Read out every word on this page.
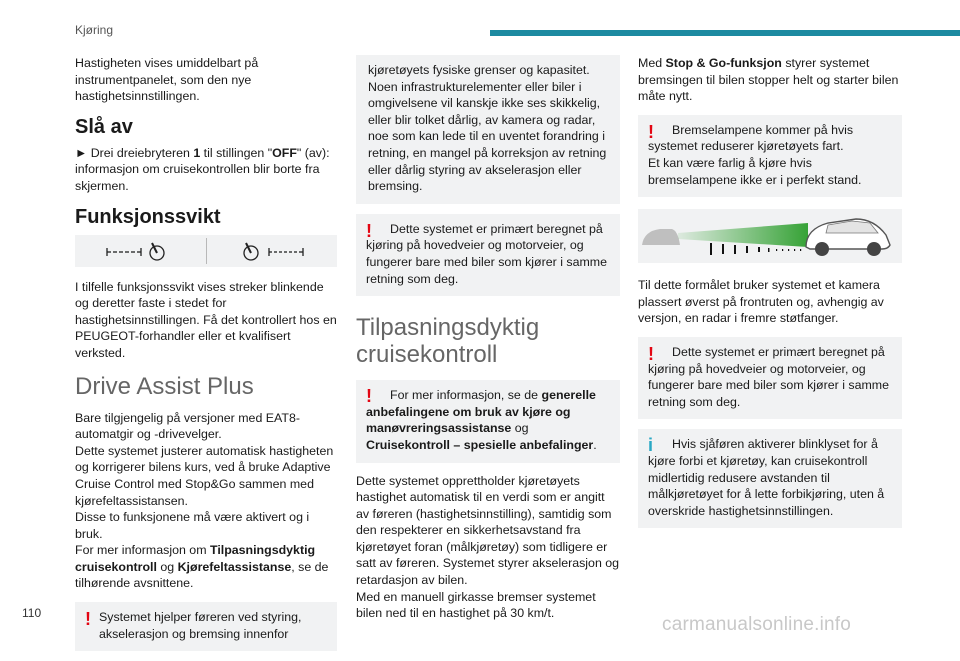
Kjøring

Hastigheten vises umiddelbart på instrumentpanelet, som den nye hastighetsinnstillingen.

Slå av

► Drei dreiebryteren 1 til stillingen "OFF" (av): informasjon om cruisekontrollen blir borte fra skjermen.

Funksjonssvikt

I tilfelle funksjonssvikt vises streker blinkende og deretter faste i stedet for hastighetsinnstillingen. Få det kontrollert hos en PEUGEOT-forhandler eller et kvalifisert verksted.

Drive Assist Plus

Bare tilgjengelig på versjoner med EAT8-automatgir og -drivevelger.

Dette systemet justerer automatisk hastigheten og korrigerer bilens kurs, ved å bruke Adaptive Cruise Control med Stop&Go sammen med kjørefeltassistansen.

Disse to funksjonene må være aktivert og i bruk.

For mer informasjon om Tilpasningsdyktig cruisekontroll og Kjørefeltassistanse, se de tilhørende avsnittene.

! Systemet hjelper føreren ved styring, akselerasjon og bremsing innenfor

kjøretøyets fysiske grenser og kapasitet. Noen infrastrukturelementer eller biler i omgivelsene vil kanskje ikke ses skikkelig, eller blir tolket dårlig, av kamera og radar, noe som kan lede til en uventet forandring i retning, en mangel på korreksjon av retning eller dårlig styring av akselerasjon eller bremsing.

!	Dette systemet er primært beregnet på kjøring på hovedveier og motorveier, og fungerer bare med biler som kjører i samme retning som deg.

Tilpasningsdyktig cruisekontroll
!	For mer informasjon, se de generelle anbefalingene om bruk av kjøre og manøvreringsassistanse og Cruisekontroll – spesielle anbefalinger.

Dette systemet opprettholder kjøretøyets hastighet automatisk til en verdi som er angitt av føreren (hastighetsinnstilling), samtidig som den respekterer en sikkerhetsavstand fra kjøretøyet foran (målkjøretøy) som tidligere er satt av føreren. Systemet styrer akselerasjon og retardasjon av bilen.

Med en manuell girkasse bremser systemet bilen ned til en hastighet på 30 km/t.

Med Stop & Go-funksjon styrer systemet bremsingen til bilen stopper helt og starter bilen måte nytt.

!	Bremselampene kommer på hvis systemet reduserer kjøretøyets fart.

Et kan være farlig å kjøre hvis bremselampene ikke er i perfekt stand.

Til dette formålet bruker systemet et kamera plassert øverst på frontruten og, avhengig av versjon, en radar i fremre støtfanger.

!	Dette systemet er primært beregnet på kjøring på hovedveier og motorveier, og fungerer bare med biler som kjører i samme retning som deg.

i	Hvis sjåføren aktiverer blinklyset for å kjøre forbi et kjøretøy, kan cruisekontroll midlertidig redusere avstanden til målkjøretøyet for å lette forbikjøring, uten å overskride hastighetsinnstillingen.

110
carmanualsonline.info
